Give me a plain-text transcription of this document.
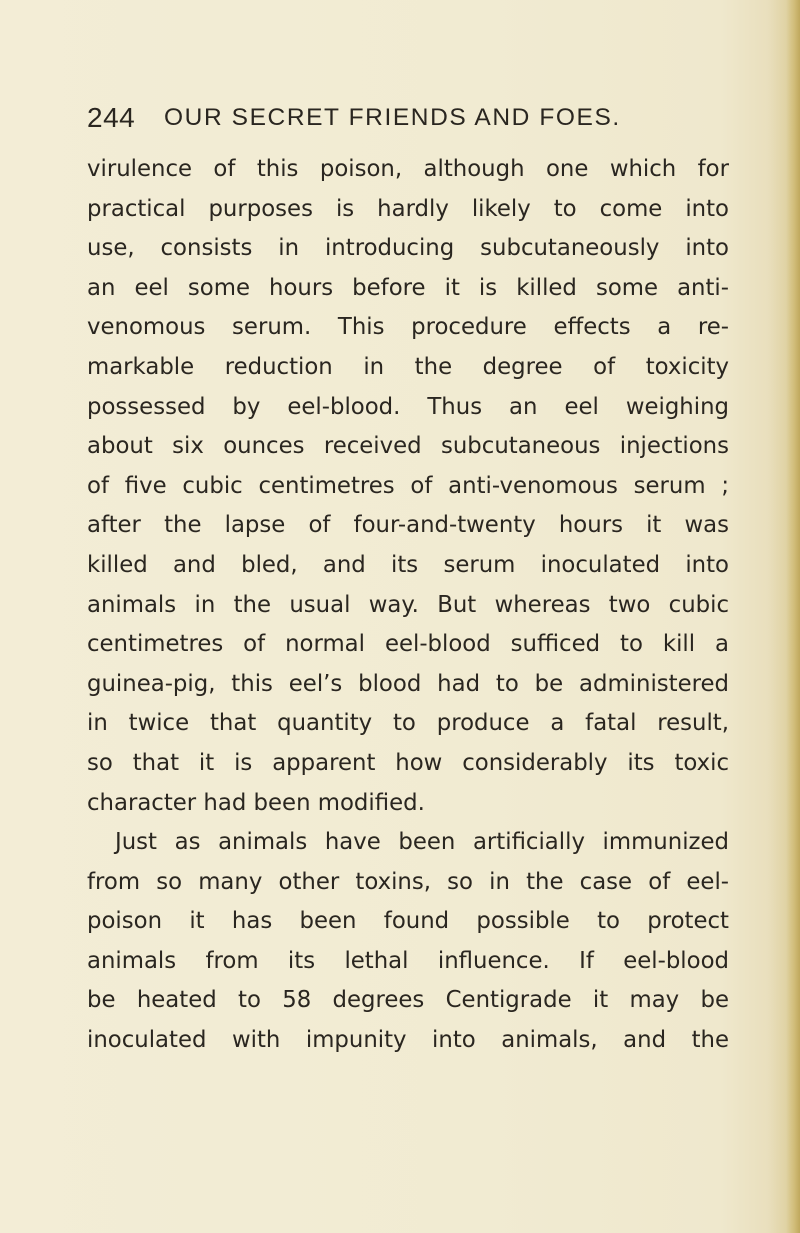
244	OUR SECRET FRIENDS AND FOES.
virulence of this poison, although one which for
practical purposes is hardly likely to come into
use, consists in introducing subcutaneously into
an eel some hours before it is killed some anti-
venomous serum. This procedure effects a re-
markable reduction in the degree of toxicity
possessed by eel-blood. Thus an eel weighing
about six ounces received subcutaneous injections
of five cubic centimetres of anti-venomous serum ;
after the lapse of four-and-twenty hours it was
killed and bled, and its serum inoculated into
animals in the usual way. But whereas two cubic
centimetres of normal eel-blood sufficed to kill a
guinea-pig, this eel’s blood had to be administered
in twice that quantity to produce a fatal result,
so that it is apparent how considerably its toxic
character had been modified.
Just as animals have been artificially immunized
from so many other toxins, so in the case of eel-
poison it has been found possible to protect
animals from its lethal influence. If eel-blood
be heated to 58 degrees Centigrade it may be
inoculated with impunity into animals, and the
